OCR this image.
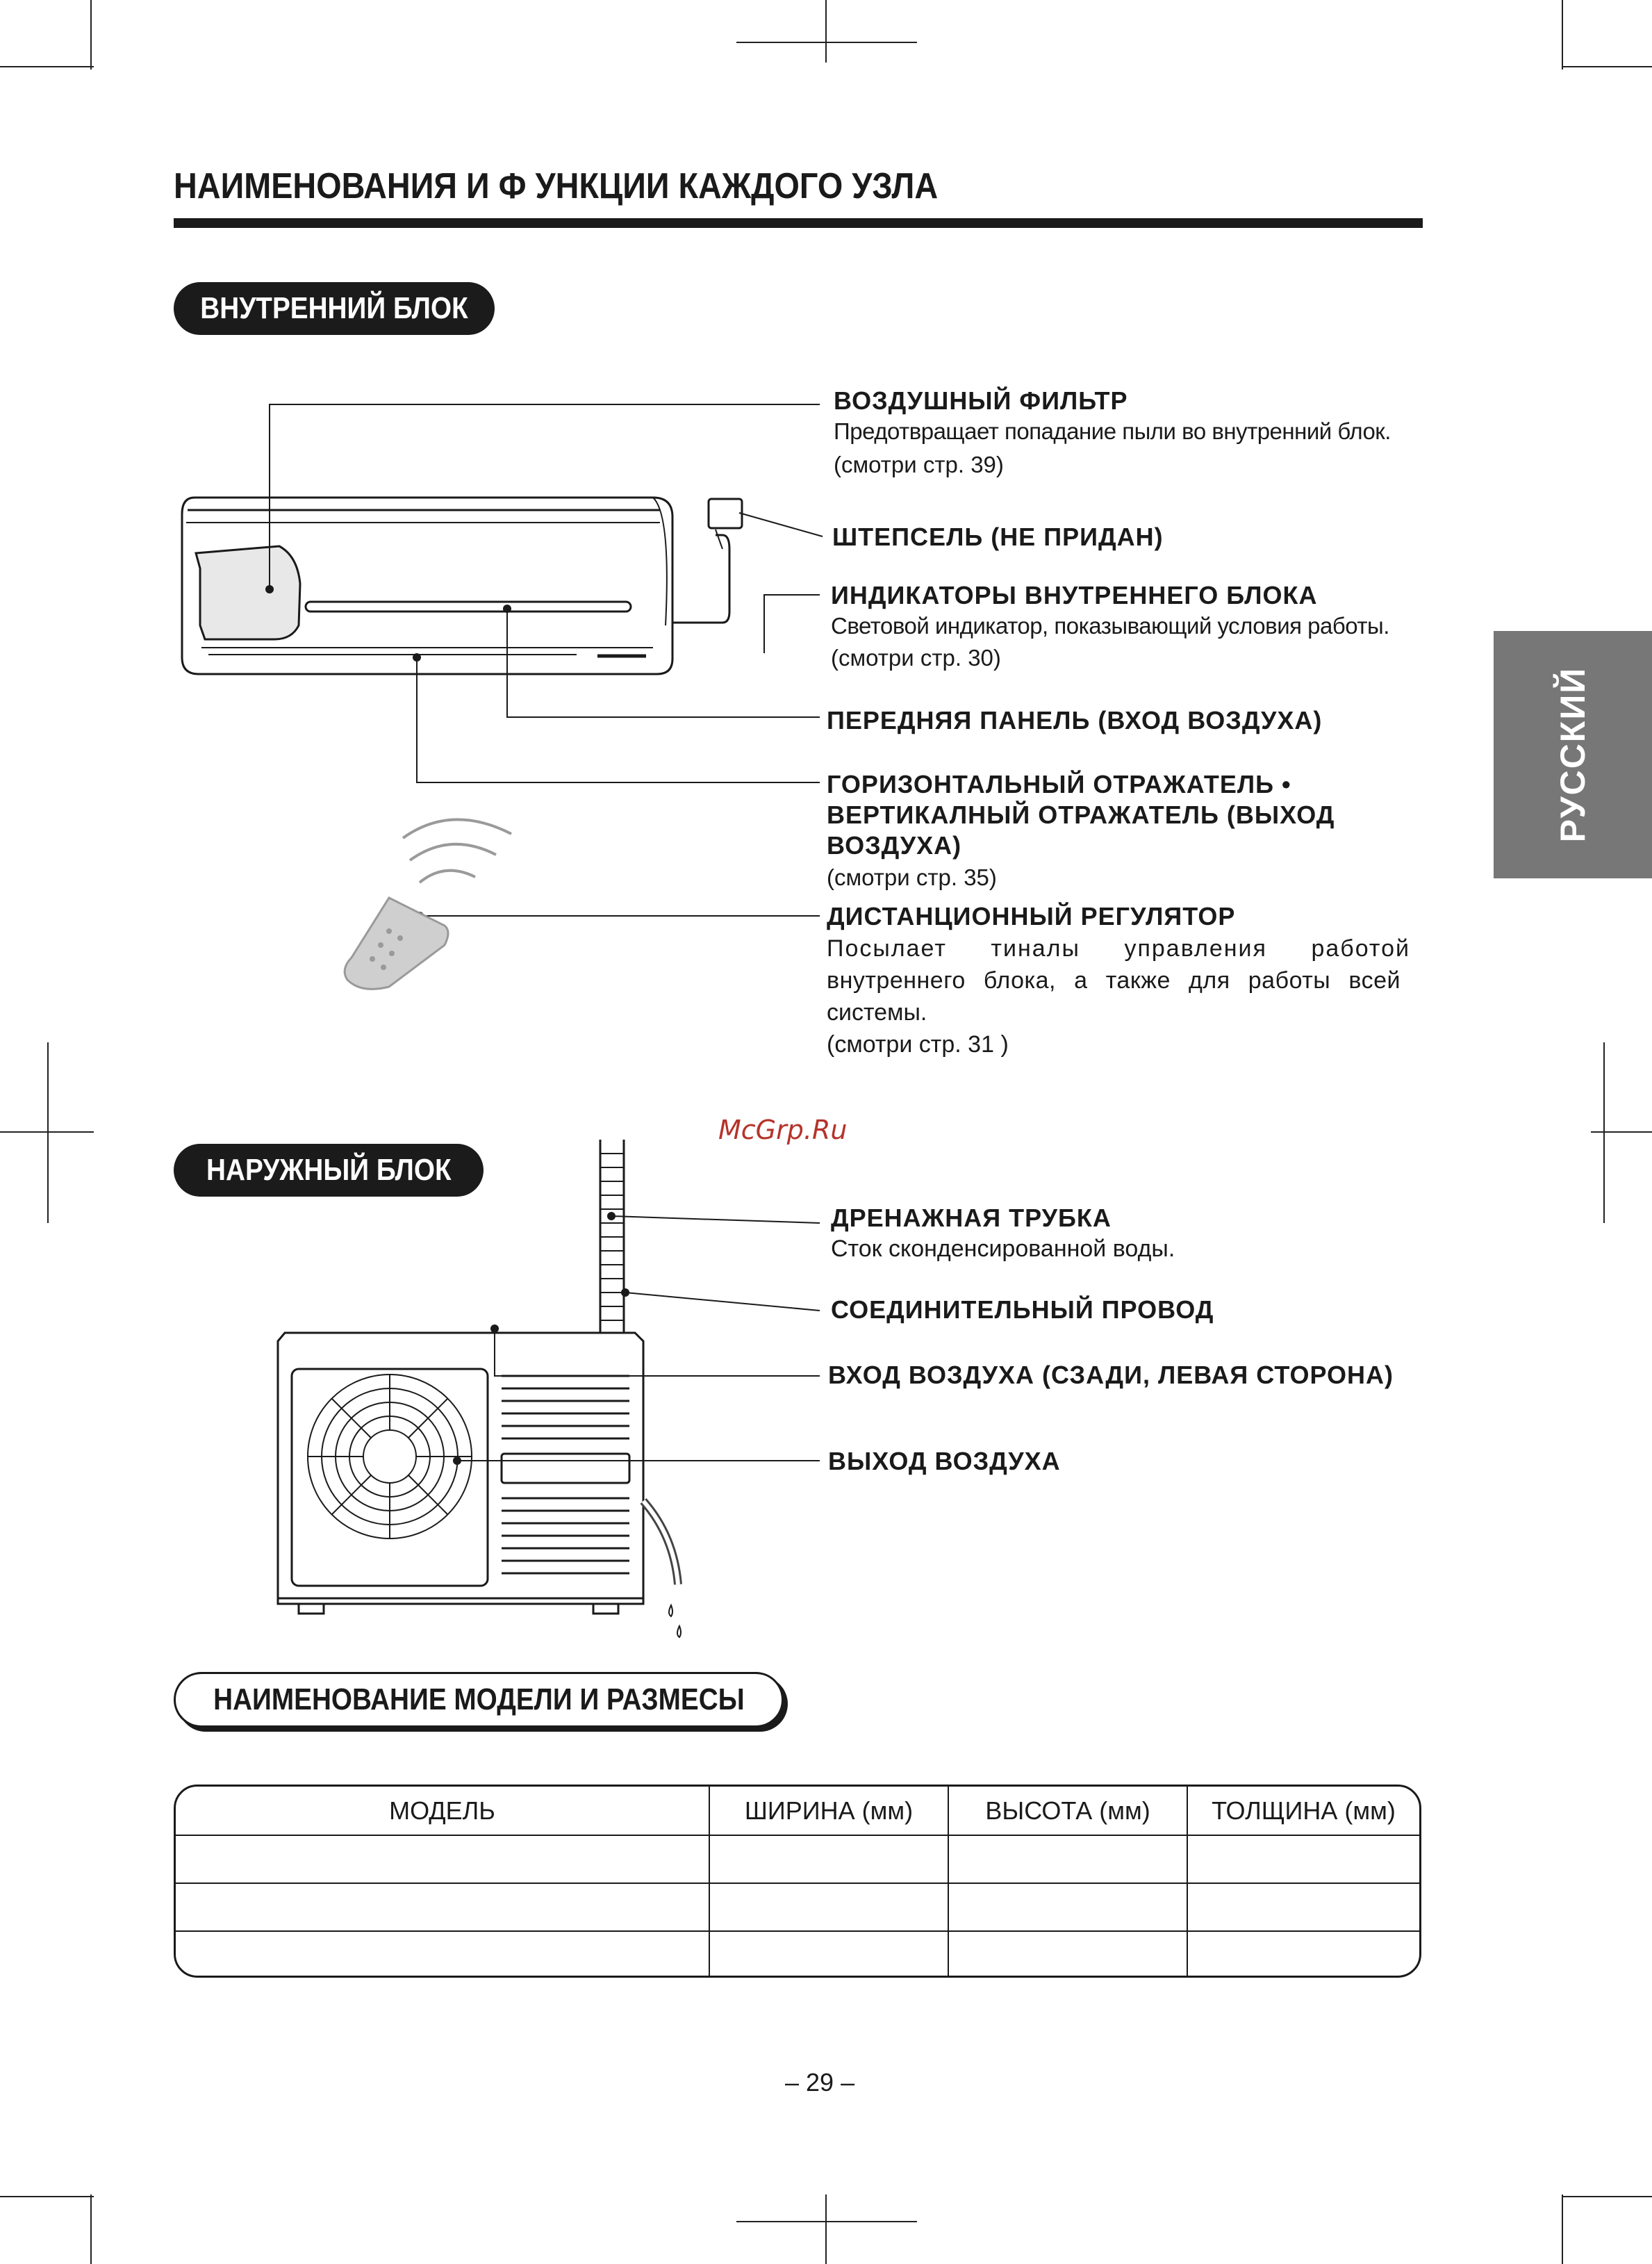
НАИМЕНОВАНИЯ И Ф УНКЦИИ КАЖДОГО УЗЛА
РУССКИЙ
ВНУТРЕННИЙ БЛОК
ВОЗДУШНЫЙ ФИЛЬТР
Предотвращает попадание пыли во внутренний блок.
(смотри стр. 39)
ШТЕПСЕЛЬ (НЕ ПРИДАН)
ИНДИКАТОРЫ ВНУТРЕННЕГО БЛОКА
Световой индикатор, показывающий условия работы.
(смотри стр. 30)
ПЕРЕДНЯЯ ПАНЕЛЬ (ВХОД ВОЗДУХА)
ГОРИЗОНТАЛЬНЫЙ ОТРАЖАТЕЛЬ •
ВЕРТИКАЛНЫЙ ОТРАЖАТЕЛЬ (ВЫХОД
ВОЗДУХА)
(смотри стр. 35)
ДИСТАНЦИОННЫЙ РЕГУЛЯТОР
Посылает тиналы управления работой
внутреннего блока, а также для работы всей
системы.
(смотри стр. 31 )
McGrp.Ru
НАРУЖНЫЙ БЛОК
ДРЕНАЖНАЯ ТРУБКА
Сток сконденсированной воды.
СОЕДИНИТЕЛЬНЫЙ ПРОВОД
ВХОД ВОЗДУХА (СЗАДИ, ЛЕВАЯ СТОРОНА)
ВЫХОД ВОЗДУХА
НАИМЕНОВАНИЕ МОДЕЛИ И РАЗМЕСЫ
МОДЕЛЬ	ШИРИНА (мм)	ВЫСОТА (мм)	ТОЛЩИНА (мм)

– 29 –
